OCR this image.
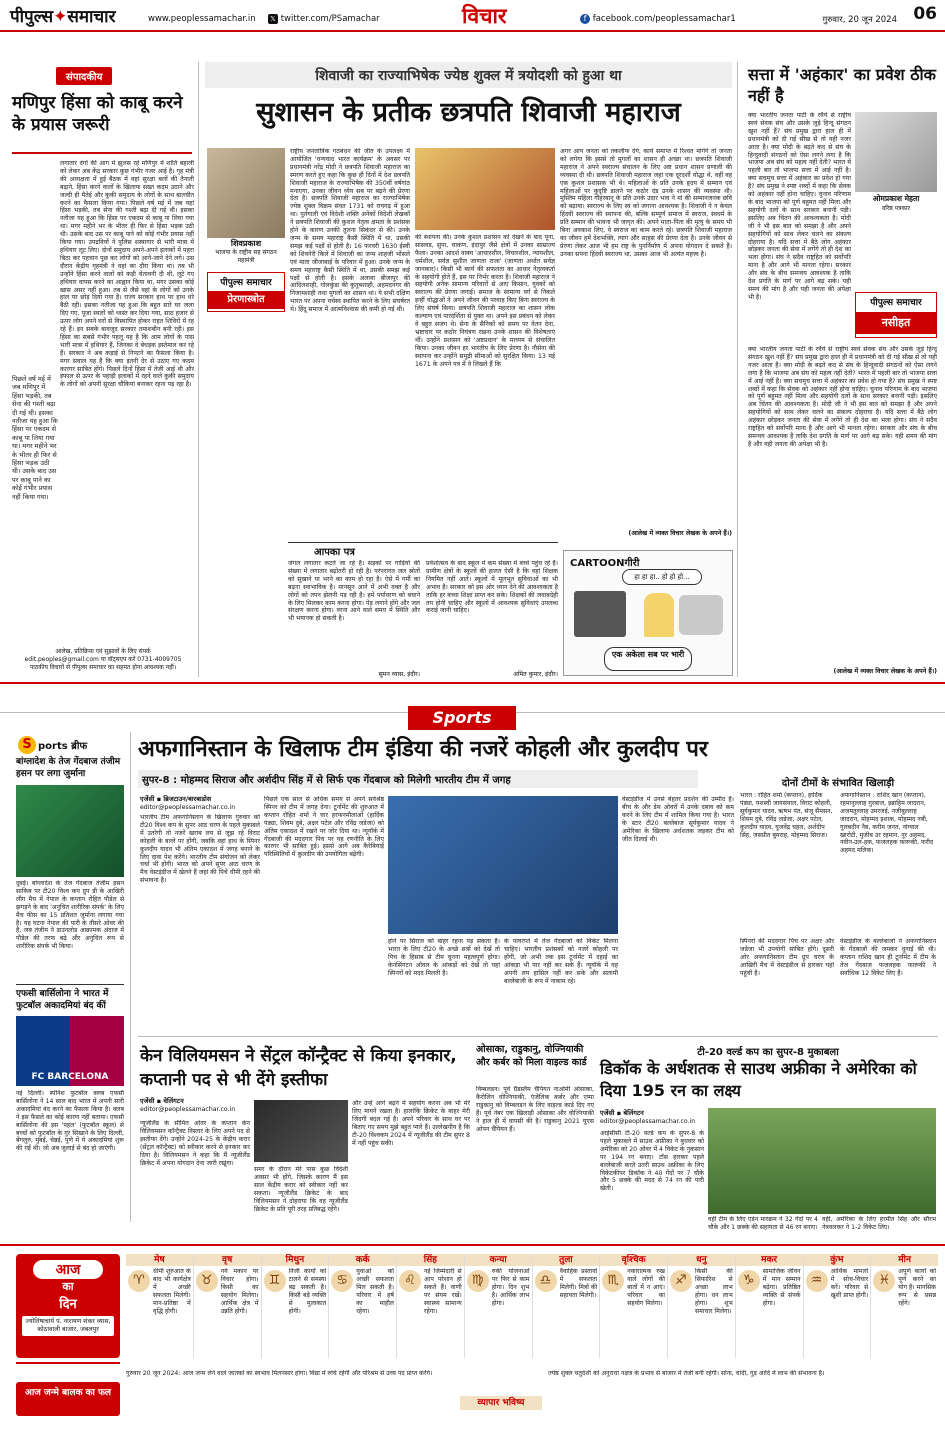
पीपुल्स✦समाचार	www.peoplessamachar.in	𝕏 twitter.com/PSamachar	विचार	f facebook.com/peoplessamachar1	गुरुवार, 20 जून 2024 06
संपादकीय
मणिपुर हिंसा को काबू करने के प्रयास जरूरी
लगातार दंगों की आग में झुलस रहे मणिपुर में शांति बहाली को लेकर अब केंद्र सरकार कुछ गंभीर नजर आई है। गृह मंत्री की अध्यक्षता में हुई बैठक में वहां सुरक्षा बलों की तैनाती बढ़ाने, हिंसा करने वालों के खिलाफ सख्त कदम उठाने और जल्दी ही मैतेई और कुकी समुदाय के लोगों के साथ बातचीत करने का फैसला किया गया। पिछले वर्ष मई में जब वहां हिंसा भड़की, तब सेना की गश्ती बढ़ा दी गई थी। इसका नतीजा यह हुआ कि हिंसा पर एकदम से काबू पा लिया गया था। मगर महीने भर के भीतर ही फिर से हिंसा भड़क उठी थी। उसके बाद उस पर काबू पाने को कोई गंभीर प्रयास नहीं किया गया। उपद्रवियों ने पुलिस शस्त्रागार से भारी मात्रा में हथियार लूट लिए। दोनों समुदाय अपने-अपने इलाकों में पहरा बिठा कर पहचान पूछ कर लोगों को आने-जाने देने लगे। उस दौरान केंद्रीय गृहमंत्री ने वहां का दौरा किया था। तब भी उन्होंने हिंसा करने वालों को कड़ी चेतावनी दी थी, लूटे गए हथियार वापस करने का आह्वान किया था, मगर उसका कोई खास असर नहीं हुआ। तब से जैसे वहां के लोगों को उनके हाल पर छोड़ दिया गया है। राज्य सरकार हाथ पर हाथ धरे बैठी रही। इसका नतीजा यह हुआ कि बहुत सारे घर जला दिए गए, पूजा स्थलों को ध्वस्त कर दिया गया, साठ हजार से ऊपर लोग अपने घरों से विस्थापित होकर राहत शिविरों में रह रहे हैं। इन सबके बावजूद सरकार तमाशबीन बनी रही। इस हिंसा का सबसे गंभीर पहलू यह है कि आम लोगों के पास भारी मात्रा में हथियार हैं, जिनका वे बेधड़क इस्तेमाल कर रहे हैं। सरकार ने अब कड़ाई से निपटने का फैसला किया है। मगर सवाल यह है कि क्या इतनी देर से उठाए गए कदम कारगर साबित होंगे। पिछले दिनों हिंसा में तेजी आई थी और इंफाल से ऊपर के पहाड़ी इलाकों में रहने वाले कुकी समुदाय के लोगों को अपनी सुरक्षा चौकियां बनाकर रहना पड़ रहा है।
पिछले वर्ष मई में जब मणिपुर में हिंसा भड़की, तब सेना की गश्ती बढ़ा दी गई थी। इसका नतीजा यह हुआ कि हिंसा पर एकदम से काबू पा लिया गया था। मगर महीने भर के भीतर ही फिर से हिंसा भड़क उठी थी। उसके बाद उस पर काबू पाने का कोई गंभीर प्रयास नहीं किया गया।
आलेख, प्रतिक्रिया एवं सुझावों के लिए संपर्क
edit.peoples@gmail.com या वॉट्सएप करें 0731-4009705
पाठकीय विचारों से पीपुल्स समाचार का सहमत होना आवश्यक नहीं।
शिवाजी का राज्याभिषेक ज्येष्ठ शुक्ल में त्रयोदशी को हुआ था
सुशासन के प्रतीक छत्रपति शिवाजी महाराज
शिवप्रकाश
भाजपा के राष्ट्रीय सह संगठन महामंत्री
पीपुल्स समाचार
प्रेरणास्त्रोत
राष्ट्रीय जनतांत्रिक गठबंधन की जीत के उपलक्ष्य में आयोजित 'धन्यवाद भारत कार्यक्रम' के अवसर पर प्रधानमंत्री नरेंद्र मोदी ने छत्रपति शिवाजी महाराज का स्मरण करते हुए कहा कि कुछ ही दिनों में देश छत्रपति शिवाजी महाराज के राज्याभिषेक की 350वीं वर्षगांठ मनाएगा, उनका जीवन ध्येय सब पर बढ़ने की प्रेरणा देता है। छत्रपति शिवाजी महाराज का राज्याभिषेक ज्येष्ठ शुक्ल विक्रम संवत 1731 को रायगढ़ में हुआ था। पुर्तगाली एवं विदेशी शक्ति अनेकों विदेशी लेखकों ने छत्रपति शिवाजी की कुशल नेतृत्व क्षमता के प्रशंसक होने के कारण उनकी तुलना सिकंदर से की। उनके जन्म के समय महाराष्ट्र कैसी स्थिति में था, उसकी समझ कई पक्षों से होती है। 16 फरवरी 1630 ईस्वी को शिवनेरी किले में शिवाजी का जन्म शाहजी भोंसले एवं माता जीजाबाई के परिवार में हुआ। उनके जन्म के समय महाराष्ट्र कैसी स्थिति में था, उसकी समझ कई पक्षों से होती है। इसके अलावा बीजापुर की आदिलशाही, गोलकुंडा की कुतुबशाही, अहमदनगर की निजामशाही तथा मुगलों का शासन था। ये सभी दक्षिण भारत पर अपना वर्चस्व स्थापित करने के लिए संघर्षरत थे। हिंदू समाज में आत्मविश्वास की कमी हो गई थी।
की स्थापना की। उनके कुशल प्रशासन को देखने के बाद पूना, सासवड, सुपा, चाकण, इंदापुर जैसे क्षेत्रों में उनका साम्राज्य फैला। उनका आदर्श वाक्य 'आचारशील, विचारशील, न्यायशील, धर्मशील, सर्वज्ञ सुशील जाणता राजा' (जाणता अर्थात सर्वज्ञ जानकार)। किसी भी कार्य की सफलता का आधार नेतृत्वकर्ता के सहयोगी होते हैं, इस पर निर्भर करता है। शिवाजी महाराज ने सहयोगी अनेक सामान्य परिवारों से आए किसान, युवकों को स्वराज्य की प्रेरणा जगाई। समाज के सामान्य वर्ग से निकले इन्हीं योद्धाओं ने अपने जीवन की परवाह किए बिना स्वराज्य के लिए संघर्ष किया। छत्रपति शिवाजी महाराज का शासन लोक कल्याण एवं पारदर्शिता से युक्त था। अपने इस प्रबंधन को लेकर वे बहुत सजग थे। सेना के सैनिकों को समय पर वेतन देना, भ्रष्टाचार पर कठोर नियंत्रण रखना उनके शासन की विशेषताएं थीं। उन्होंने प्रशासन को 'अष्टप्रधान' के माध्यम से संचालित किया। उनका जीवन हर भारतीय के लिए प्रेरणा है। नौसेना की स्थापना कर उन्होंने समुद्री सीमाओं को सुरक्षित किया। 13 मई 1671 के अपने पत्र में वे लिखते हैं कि
अगर आप जनता को तकलीफ देंगे, कार्य समाप्त में रिश्वत मांगेंगे तो जनता को लगेगा कि इससे तो मुगलों का शासन ही अच्छा था। छत्रपति शिवाजी महाराज ने अपने स्वराज्य संचालन के लिए अष्ट प्रधान शासन प्रणाली की व्यवस्था दी थी। छत्रपति शिवाजी महाराज जहां एक दूरदर्शी योद्धा थे, वहीं वह एक कुशल प्रशासक भी थे। महिलाओं के प्रति उनके हृदय में सम्मान एवं महिलाओं पर कुदृष्टि डालने पर कठोर दंड उनके शासन की व्यवस्था थी। मुस्लिम महिला गौहरबानू के प्रति उनके उदार भाव ने मां की सम्मानजनक छवि को बढ़ाया। स्वराज्य के लिए स्व को जगाना आवश्यक है। शिवाजी ने न केवल हिंदवी स्वराज्य की स्थापना की, बल्कि सम्पूर्ण समाज में स्वराज, स्वधर्म के प्रति सम्मान की भावना भी जागृत की। अपने माता-पिता की मृत्यु के समय भी बिना अवकाश लिए, वे स्वराज का काम करते रहे। छत्रपति शिवाजी महाराज का जीवन हमें देशभक्ति, त्याग और साहस की प्रेरणा देता है। उनके जीवन से प्रेरणा लेकर आज भी हम राष्ट्र के पुनर्निर्माण में अपना योगदान दे सकते हैं। उनका सपना हिंदवी स्वराज्य था, उसका आज भी अत्यंत महत्त्व है।
(आलेख में व्यक्त विचार लेखक के अपने हैं।)
आपका पत्र
जंगल लगातार कटते जा रहे हैं। सड़कों पर गाड़ियों की संख्या में लगातार बढ़ोतरी हो रही है। परंपरागत जल स्रोतों को सुखाने या भरने का काम हो रहा है। ऐसे में गर्मी का बढ़ना स्वाभाविक है। मानसून आने में अभी वक्त है और लोगों को तपन झेलनी पड़ रही है। हमें पर्यावरण को बचाने के लिए मिलकर काम करना होगा। पेड़ लगाने होंगे और जल संरक्षण करना होगा। वरना आने वाले समय में स्थिति और भी भयानक हो सकती है।
सुमन व्यास, इंदौर।
प्रवेशोत्सव के बाद स्कूल में कम संख्या में बच्चे पहुंच रहे हैं। ग्रामीण क्षेत्रों के स्कूलों की हालत ऐसी है कि वहां शिक्षक नियमित नहीं आते। स्कूलों में मूलभूत सुविधाओं का भी अभाव है। सरकार को इस ओर ध्यान देने की आवश्यकता है ताकि हर बच्चा शिक्षा प्राप्त कर सके। शिक्षकों की जवाबदेही तय होनी चाहिए और स्कूलों में आवश्यक सुविधाएं उपलब्ध कराई जानी चाहिए।
अमित कुमार, इंदौर।
CARTOONगीरी
हा हा हा.. हो हो हो...
एक अकेला सब पर भारी
सत्ता में 'अहंकार' का प्रवेश ठीक नहीं है
ओमप्रकाश मेहता
वरिष्ठ पत्रकार
पीपुल्स समाचार
नसीहत
क्या भारतीय जनता पार्टी के रवैये से राष्ट्रीय स्वयं सेवक संघ और उसके जुड़े हिन्दू संगठन खुश नहीं हैं? संघ प्रमुख द्वारा हाल ही में प्रधानमंत्री को दी गई सीख से तो यही नजर आता है। क्या मोदी के बढ़ते कद से संघ के हिन्दुवादी संगठनों को ऐसा लगने लगा है कि भाजपा अब संघ को महत्व नहीं देती? भारत में पहली बार तो भाजपा सत्ता में आई नहीं है। क्या सचमुच सत्ता में अहंकार का प्रवेश हो गया है? संघ प्रमुख ने स्पष्ट शब्दों में कहा कि सेवक को अहंकार नहीं होना चाहिए। चुनाव परिणाम के बाद भाजपा को पूर्ण बहुमत नहीं मिला और सहयोगी दलों के साथ सरकार बनानी पड़ी। इसलिए अब चिंतन की आवश्यकता है। मोदी जी ने भी इस बात को समझा है और अपने सहयोगियों को साथ लेकर चलने का संकल्प दोहराया है। यदि सत्ता में बैठे लोग अहंकार छोड़कर जनता की सेवा में लगेंगे तो ही देश का भला होगा। संघ ने सदैव राष्ट्रहित को सर्वोपरि माना है और आगे भी मानता रहेगा। सरकार और संघ के बीच समन्वय आवश्यक है ताकि देश प्रगति के मार्ग पर आगे बढ़ सके। यही समय की मांग है और यही जनता की अपेक्षा भी है।
क्या भारतीय जनता पार्टी के रवैये से राष्ट्रीय स्वयं सेवक संघ और उसके जुड़े हिन्दू संगठन खुश नहीं हैं? संघ प्रमुख द्वारा हाल ही में प्रधानमंत्री को दी गई सीख से तो यही नजर आता है। क्या मोदी के बढ़ते कद से संघ के हिन्दुवादी संगठनों को ऐसा लगने लगा है कि भाजपा अब संघ को महत्व नहीं देती? भारत में पहली बार तो भाजपा सत्ता में आई नहीं है। क्या सचमुच सत्ता में अहंकार का प्रवेश हो गया है? संघ प्रमुख ने स्पष्ट शब्दों में कहा कि सेवक को अहंकार नहीं होना चाहिए। चुनाव परिणाम के बाद भाजपा को पूर्ण बहुमत नहीं मिला और सहयोगी दलों के साथ सरकार बनानी पड़ी। इसलिए अब चिंतन की आवश्यकता है। मोदी जी ने भी इस बात को समझा है और अपने सहयोगियों को साथ लेकर चलने का संकल्प दोहराया है। यदि सत्ता में बैठे लोग अहंकार छोड़कर जनता की सेवा में लगेंगे तो ही देश का भला होगा। संघ ने सदैव राष्ट्रहित को सर्वोपरि माना है और आगे भी मानता रहेगा। सरकार और संघ के बीच समन्वय आवश्यक है ताकि देश प्रगति के मार्ग पर आगे बढ़ सके। यही समय की मांग है और यही जनता की अपेक्षा भी है।
(आलेख में व्यक्त विचार लेखक के अपने हैं।)
Sports
S ports ब्रीफ
बांग्लादेश के तेज गेंदबाज तंजीम हसन पर लगा जुर्माना
दुबई। बांग्लादेश के तेज गेंदबाज तंजीम हसन साकिब पर टी20 विश्व कप ग्रुप डी के आखिरी लीग मैच में नेपाल के कप्तान रोहित पौडेल से झगड़ने के बाद 'अनुचित शारीरिक संपर्क' के लिए मैच फीस का 15 प्रतिशत जुर्माना लगाया गया है। यह घटना नेपाल की पारी के तीसरे ओवर की है, जब तंजीम ने डाउनलोड आक्रामक अंदाज में पौडेल की तरफ बढ़े और अनुचित रूप से शारीरिक संपर्क भी किया।
एफसी बार्सिलोना ने भारत में फुटबॉल अकादमियां बंद कीं
FC BARCELONA
नई दिल्ली। स्पेनिश फुटबॉल क्लब एफसी बार्सिलोना ने 14 साल बाद भारत में अपनी सारी अकादमियां बंद करने का फैसला किया है। क्लब ने इस फैसले का कोई कारण नहीं बताया। एफसी बार्सिलोना की इस 'पहल' (फुटबॉल स्कूल) से बच्चों को फुटबॉल के गुर सिखाने के लिए दिल्ली, बेंगलुरु, मुंबई, चेन्नई, पुणे में ये अकादमियां शुरू की गईं थी। जो अब जुलाई से बंद हो जाएंगी।
अफगानिस्तान के खिलाफ टीम इंडिया की नजरें कोहली और कुलदीप पर
सुपर-8 : मोहम्मद सिराज और अर्शदीप सिंह में से सिर्फ एक गेंदबाज को मिलेगी भारतीय टीम में जगह
एजेंसी ▪ ब्रिजटाउन/बारबाडोस
editor@peoplessamachar.co.in
भारतीय टीम अफगानिस्तान के खिलाफ गुरुवार को टी20 विश्व कप के सुपर आठ चरण के पहले मुकाबले में उतरेगी तो नजरें खराब लय से जूझ रहे विराट कोहली के बल्ले पर होंगी, जबकि वहां हाथ के स्पिनर कुलदीप यादव भी अंतिम एकादश में जगह बनाने के लिए दावा पेश करेंगे। भारतीय टीम संयोजन को लेकर चर्चा भी होगी। भारत को अपने सुपर आठ चरण के मैच वेस्टइंडीज में खेलने हैं जहां की पिचें धीमी रहने की संभावना है।
पिछले एक साल से अधिक समय से अपने सर्वश्रेष्ठ स्पिनर को टीम में जगह देना। टूर्नामेंट की शुरुआत में कप्तान रोहित शर्मा ने चार हरफनमौलाओं (हार्दिक पंड्या, शिवम दुबे, अक्षर पटेल और रविंद्र जडेजा) को अंतिम एकादश में रखने पर जोर दिया था। न्यूयॉर्क में गेंदबाजी की मददगार पिच पर यह रणनीति के लिए कारगर भी साबित हुई। इससे आगे अब कैरेबियाई परिस्थितियों में कुलदीप की उपयोगिता बढ़ेगी।
होने पर सिराज को बाहर रहना पड़ सकता है। भारत के लिए टी20 के अच्छे सत्रों को देखें तो पिच के हिसाब से टीम चुनना महत्वपूर्ण होगा। केनसिंगटन ओवल के आंकड़ों को देखें तो यहां स्पिनरों को मदद मिलती है।
के पावरप्ले में तेज गेंदबाजों को विकेट मिलना चाहिए। भारतीय प्रशंसकों को नजरें कोहली पर होंगी, जो अभी तक इस टूर्नामेंट में दहाई का आंकड़ा भी पार नहीं कर सके हैं। न्यूयॉर्क में वह अपनी लय हासिल नहीं कर सके और सलामी बल्लेबाजी के रूप में नाकाम रहे।
वेस्टइंडीज में उनसे बेहतर प्रदर्शन की उम्मीद है। बीच के और डेथ ओवरों में उनके दबाव को कम करने के लिए टीम में शामिल किया गया है। भारत के स्टार टी20 बल्लेबाज सूर्यकुमार यादव ने अमेरिका के खिलाफ अर्धशतक जड़कर टीम को जीत दिलाई थी।
दोनों टीमों के संभावित खिलाड़ी
भारत : रोहित शर्मा (कप्तान), हार्दिक पंड्या, यशस्वी जायसवाल, विराट कोहली, सूर्यकुमार यादव, ऋषभ पंत, संजू सैमसन, शिवम दुबे, रविंद्र जडेजा, अक्षर पटेल, कुलदीप यादव, युजवेंद्र चहल, अर्शदीप सिंह, जसप्रीत बुमराह, मोहम्मद सिराज।
अफगानिस्तान : राशिद खान (कप्तान), रहमानुल्लाह गुरबाज, इब्राहिम जादरान, अजमतुल्लाह उमरजई, नजीबुल्लाह जादरान, मोहम्मद इशाक, मोहम्मद नबी, गुलबदीन नैब, करीम जनत, नांग्याल खारोटी, मुजीब उर रहमान, नूर अहमद, नवीन-उल-हक, फजलहक फारूकी, फरीद अहमद मलिक।
स्पिनरों की मददगार पिच पर अक्षर और जडेजा भी उपयोगी साबित होंगे। दूसरी ओर अफगानिस्तान टीम ग्रुप चरण के आखिरी मैच में वेस्टइंडीज से हारकर यहां पहुंची है।
वेस्टइंडीज के बल्लेबाजों ने अफगानिस्तान के गेंदबाजों की जमकर धुनाई की थी। कप्तान राशिद खान ही टूर्नामेंट में टीम के तेज गेंदबाज फजलहक फारूकी ने सर्वाधिक 12 विकेट लिए हैं।
केन विलियमसन ने सेंट्रल कॉन्ट्रैक्ट से किया इनकार, कप्तानी पद से भी देंगे इस्तीफा
एजेंसी ▪ वेलिंगटन
editor@peoplessamachar.co.in
न्यूजीलैंड के सीमित ओवर के कप्तान केन विलियमसन कॉन्ट्रैक्ट विस्तार के लिए अपने पद से इस्तीफा देंगे। उन्होंने 2024-25 के केंद्रीय करार (सेंट्रल कॉन्ट्रैक्ट) को स्वीकार करने से इनकार कर दिया है। विलियमसन ने कहा कि मैं न्यूजीलैंड क्रिकेट में अपना योगदान देना जारी रखूंगा।
समर के दौरान मेरे पास कुछ विदेशी अवसर भी होंगे, जिसके कारण मैं इस साल केंद्रीय करार को स्वीकार नहीं कर सकता। न्यूजीलैंड क्रिकेट के बाद विलियमसन ने दोहराया कि वह न्यूजीलैंड क्रिकेट के प्रति पूरी तरह प्रतिबद्ध रहेंगे।
और उन्हें आगे बढ़ने में सहयोग करना अब भी मेरे लिए मायने रखता है। हालांकि क्रिकेट के बाहर मेरी जिंदगी बदल गई है। अपने परिवार के साथ घर पर बिताए गए समय मुझे बहुत प्यारे हैं। उल्लेखनीय है कि टी-20 विश्वकप 2024 में न्यूजीलैंड की टीम सुपर 8 में नहीं पहुंच सकी।
ओसाका, राडुकानु, वोज्नियाकी और कर्बर को मिला वाइल्ड कार्ड
विम्बलडन। पूर्व ग्रैंडस्लैम चैंपियन नाओमी ओसाका, कैरोलिन वोज्नियाकी, एंजेलिक कर्बर और एम्मा राडुकानु को विम्बलडन के लिए वाइल्ड कार्ड दिए गए हैं। पूर्व नंबर एक खिलाड़ी ओसाका और वोज्नियाकी ने हाल ही में वापसी की है। राडुकानु 2021 यूएस ओपन चैंपियन हैं।
टी-20 वर्ल्ड कप का सुपर-8 मुकाबला
डिकॉक के अर्धशतक से साउथ अफ्रीका ने अमेरिका को दिया 195 रन का लक्ष्य
एजेंसी ▪ बेलिंगटन
editor@peoplessamachar.co.in
आईसीसी टी-20 वर्ल्ड कप के सुपर-8 के पहले मुकाबले में साउथ अफ्रीका ने बुधवार को अमेरिका को 20 ओवर में 4 विकेट के नुकसान पर 194 रन बनाए। टॉस हारकर पहले बल्लेबाजी करते उतरी साउथ अफ्रीका के लिए विकेटकीपर डिकॉक ने 40 गेंदों पर 7 चौके और 5 छक्के की मदद से 74 रन की पारी खेली।
वहीं टीम के लिए एडेन मारक्रम ने 32 गेंदों पर 4 चौके और 1 छक्के की सहायता से 46 रन बनाए।
वहीं, अमेरिका के लिए हरमीत सिंह और सौरभ नेत्रवलकर ने 1-2 विकेट लिए।
आज
का
दिन
ज्योतिषाचार्य पं. नारायण शंकर व्यास, कोठावाली बाजार, जबलपुर
मेष
♈
धीमी शुरुआत के बाद भी कार्यक्षेत्र में अच्छी सफलता मिलेगी। मान-प्रतिष्ठा में वृद्धि होगी।
वृष
♉
नये मकान पर विचार होगा। किसी का सहयोग मिलेगा। आर्थिक क्षेत्र में उन्नति होगी।
मिथुन
♊
निजी कार्यों को टालने से समस्या बढ़ सकती है। किसी बड़े व्यक्ति से मुलाकात होगी।
कर्क
♋
युवाओं को अच्छी सफलता मिल सकती है। परिवार में हर्ष का माहौल रहेगा।
सिंह
♌
नई जिम्मेदारी से आप परेशान हो सकते हैं। वाणी पर संयम रखें। स्वास्थ्य सामान्य रहेगा।
कन्या
♍
रुकी योजनाओं पर फिर से काम होगा। दिन शुभ है। आर्थिक लाभ होगा।
तुला
♎
वैवाहिक प्रस्तावों में सफलता मिलेगी। मित्रों की सहायता मिलेगी।
वृश्चिक
♏
नकारात्मक रुख वाले लोगों की बातों में न आएं। परिवार का सहयोग मिलेगा।
धनु
♐
किसी की सिफारिश से अच्छा लाभ होगा। धन लाभ होगा। शुभ समाचार मिलेगा।
मकर
♑
सामाजिक जीवन में मान सम्मान बढ़ेगा। प्रतिष्ठित व्यक्ति से संपर्क होगा।
कुंभ
♒
आर्थिक मामलों में सोच-विचार करें। परिवार से खुशी प्राप्त होगी।
मीन
♓
अपूर्ण कार्यों को पूर्ण करने का योग है। मानसिक रूप से प्रसन्न रहेंगे।
आज जन्मे बालक का फल
गुरुवार 20 जून 2024: आज जन्म लेने वाले जातकों का स्वभाव मिलनसार होगा। विद्या में रुचि रहेगी और परिश्रम से उच्च पद प्राप्त करेंगे।
व्यापार भविष्य
ज्येष्ठ शुक्ल चतुर्दशी को अनुराधा नक्षत्र के प्रभाव से बाजार में तेजी बनी रहेगी। सोना, चांदी, गुड़ आदि में लाभ की संभावना है।
